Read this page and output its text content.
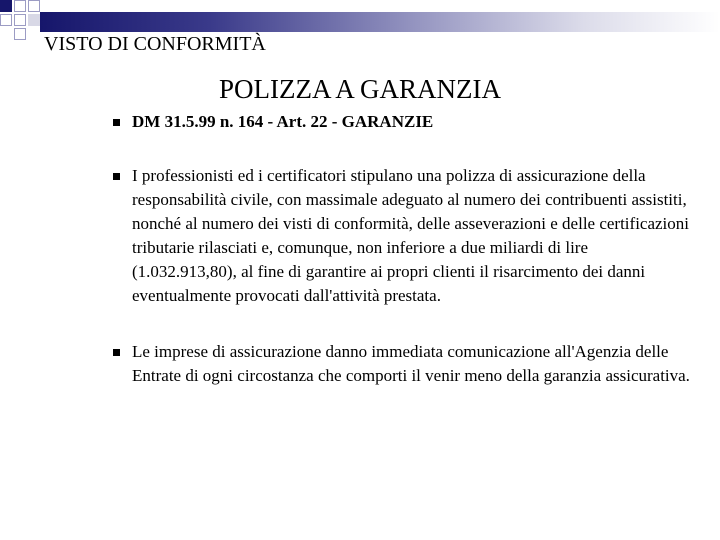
VISTO DI CONFORMITÀ
POLIZZA A GARANZIA
DM 31.5.99 n. 164 - Art. 22 - GARANZIE
I professionisti ed i certificatori stipulano una polizza di assicurazione della responsabilità civile, con massimale adeguato al numero dei contribuenti assistiti, nonché al numero dei visti di conformità, delle asseverazioni e delle certificazioni tributarie rilasciati e, comunque, non inferiore a due miliardi di lire (1.032.913,80), al fine di garantire ai propri clienti il risarcimento dei danni eventualmente provocati dall'attività prestata.
Le imprese di assicurazione danno immediata comunicazione all'Agenzia delle Entrate di ogni circostanza che comporti il venir meno della garanzia assicurativa.
